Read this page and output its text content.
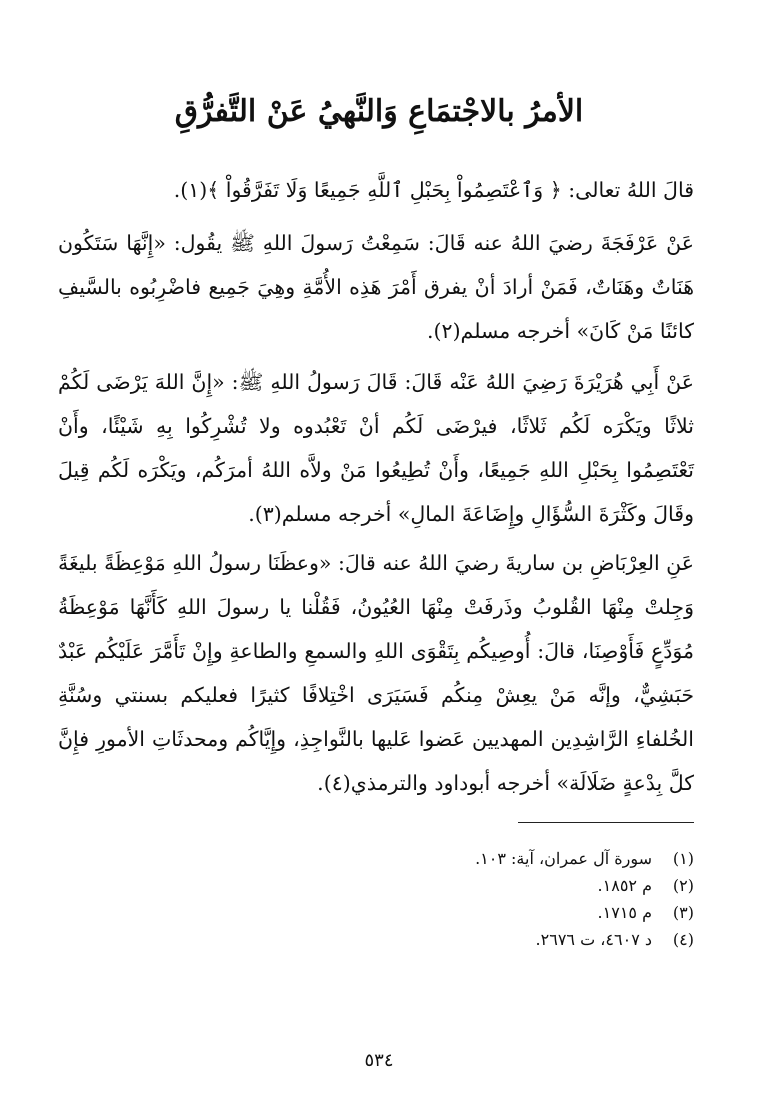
الأمرُ بالاجْتمَاعِ وَالنَّهيُ عَنْ التَّفرُّقِ

قالَ اللهُ تعالى: ﴿ وَٱعْتَصِمُواْ بِحَبْلِ ٱللَّهِ جَمِيعًا وَلَا تَفَرَّقُواْ ﴾(١).

عَنْ عَرْفَجَةَ رضيَ اللهُ عنه قَالَ: سَمِعْتُ رَسولَ اللهِ ﷺ يقُول: «إِنَّهَا سَتَكُون هَنَاتٌ وهَنَاتٌ، فَمَنْ أرادَ أنْ يفرق أَمْرَ هَذِه الأُمَّةِ وهِيَ جَمِيع فاضْرِبُوه بالسَّيفِ كائنًا مَنْ كَانَ» أخرجه مسلم(٢).

عَنْ أَبِي هُرَيْرَةَ رَضِيَ اللهُ عَنْه قَالَ: قَالَ رَسولُ اللهِ ﷺ: «إِنَّ اللهَ يَرْضَى لَكُمْ ثلاثًا ويَكْرَه لَكُم ثَلاثًا، فيرْضَى لَكُم أنْ تَعْبُدوه ولا تُشْرِكُوا بِهِ شَيْئًا، وأَنْ تَعْتَصِمُوا بِحَبْلِ اللهِ جَمِيعًا، وأَنْ تُطِيعُوا مَنْ ولاَّه اللهُ أمرَكُم، ويَكْرَه لَكُم قِيلَ وقَالَ وكَثْرَةَ السُّؤَالِ وإِضَاعَةَ المالِ» أخرجه مسلم(٣).

عَنِ العِرْبَاضِ بن ساريةَ رضيَ اللهُ عنه قالَ: «وعظَنَا رسولُ اللهِ مَوْعِظَةً بليغَةً وَجِلتْ مِنْهَا القُلوبُ وذَرفَتْ مِنْهَا العُيُونُ، فَقُلْنا يا رسولَ اللهِ كَأَنَّهَا مَوْعِظَةُ مُوَدِّعٍ فَأَوْصِنَا، قالَ: أُوصِيكُم بِتَقْوَى اللهِ والسمعِ والطاعةِ وإِنْ تَأَمَّرَ عَلَيْكُم عَبْدٌ حَبَشِيٌّ، وإنَّه مَنْ يعِشْ مِنكُم فَسَيَرَى اخْتِلافًا كثيرًا فعليكم بسنتي وسُنَّةِ الخُلفاءِ الرَّاشِدِين المهديين عَضوا عَليها بالنَّواجِذِ، وإِيَّاكُم ومحدثَاتِ الأمورِ فإِنَّ كلَّ بِدْعةٍ ضَلَالَة» أخرجه أبوداود والترمذي(٤).

(١)
سورة آل عمران، آية: ١٠٣.
(٢)
م ١٨٥٢.
(٣)
م ١٧١٥.
(٤)
د ٤٦٠٧، ت ٢٦٧٦.
٥٣٤
